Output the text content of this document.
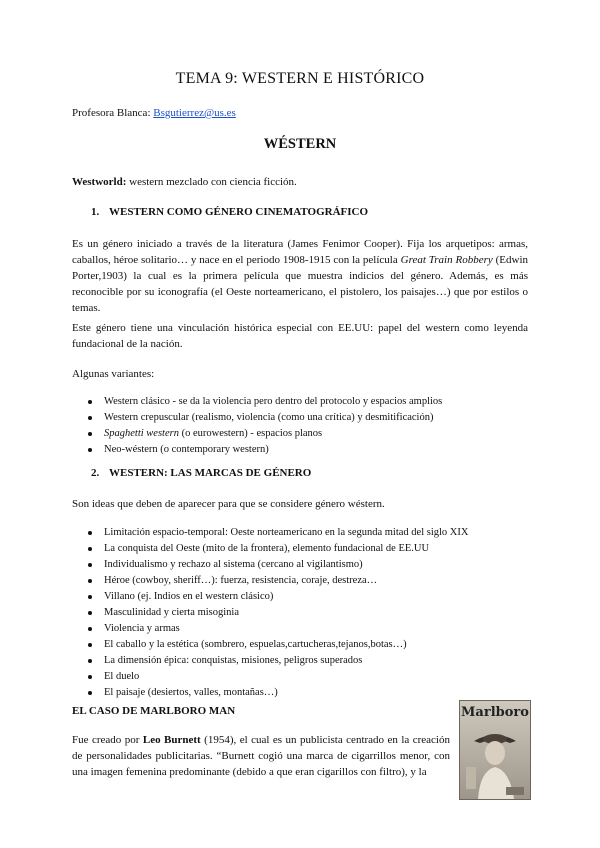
TEMA 9: WESTERN E HISTÓRICO
Profesora Blanca: Bsgutierrez@us.es
WÉSTERN
Westworld: western mezclado con ciencia ficción.
1. WESTERN COMO GÉNERO CINEMATOGRÁFICO

Es un género iniciado a través de la literatura (James Fenimor Cooper). Fija los arquetipos: armas, caballos, héroe solitario… y nace en el periodo 1908-1915 con la película Great Train Robbery (Edwin Porter,1903) la cual es la primera película que muestra indicios del género. Además, es más reconocible por su iconografía (el Oeste norteamericano, el pistolero, los paisajes…) que por estilos o temas.

Este género tiene una vinculación histórica especial con EE.UU: papel del western como leyenda fundacional de la nación.

Algunas variantes:

Western clásico - se da la violencia pero dentro del protocolo y espacios amplios
Western crepuscular (realismo, violencia (como una crítica) y desmitificación)
Spaghetti western (o eurowestern) - espacios planos
Neo-wéstern (o contemporary western)
2. WESTERN: LAS MARCAS DE GÉNERO

Son ideas que deben de aparecer para que se considere género wéstern.

Limitación espacio-temporal: Oeste norteamericano en la segunda mitad del siglo XIX
La conquista del Oeste (mito de la frontera), elemento fundacional de EE.UU
Individualismo y rechazo al sistema (cercano al vigilantismo)
Héroe (cowboy, sheriff…): fuerza, resistencia, coraje, destreza…
Villano (ej. Indios en el western clásico)
Masculinidad y cierta misoginia
Violencia y armas
El caballo y la estética (sombrero, espuelas,cartucheras,tejanos,botas…)
La dimensión épica: conquistas, misiones, peligros superados
El duelo
El paisaje (desiertos, valles, montañas…)
EL CASO DE MARLBORO MAN

Fue creado por Leo Burnett (1954), el cual es un publicista centrado en la creación de personalidades publicitarias. “Burnett cogió una marca de cigarrillos menor, con una imagen femenina predominante (debido a que eran cigarillos con filtro), y la

Marlboro
